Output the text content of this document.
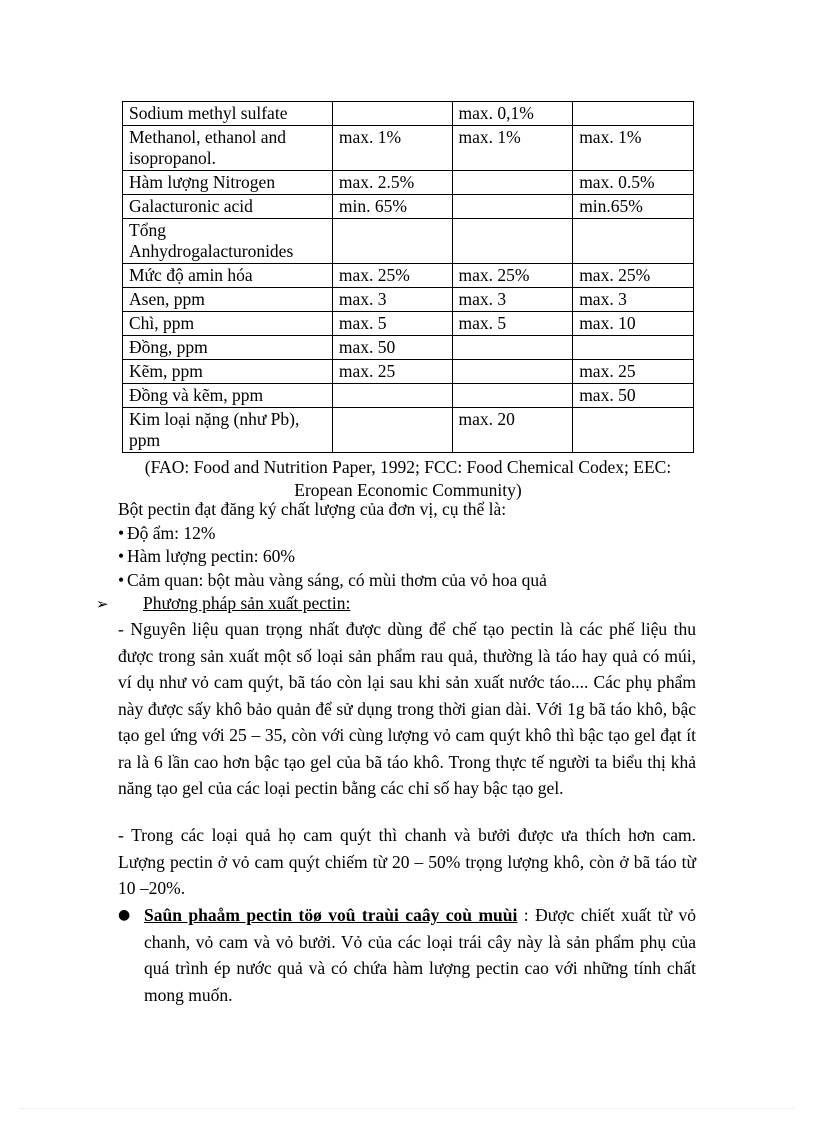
Sodium methyl sulfate		max. 0,1%	
Methanol, ethanol and isopropanol.	max. 1%	max. 1%	max. 1%
Hàm lượng Nitrogen	max. 2.5%		max. 0.5%
Galacturonic acid	min. 65%		min.65%
Tổng Anhydrogalacturonides			
Mức độ amin hóa	max. 25%	max. 25%	max. 25%
Asen, ppm	max. 3	max. 3	max. 3
Chì, ppm	max. 5	max. 5	max. 10
Đồng, ppm	max. 50		
Kẽm, ppm	max. 25		max. 25
Đồng và kẽm, ppm			max. 50
Kim loại nặng (như Pb), ppm		max. 20	
(FAO: Food and Nutrition Paper, 1992; FCC: Food Chemical Codex; EEC: Eropean Economic Community)
Bột pectin đạt đăng ký chất lượng của đơn vị, cụ thể là:
• Độ ẩm: 12%
• Hàm lượng pectin: 60%
• Cảm quan: bột màu vàng sáng, có mùi thơm của vỏ hoa quả
➢ Phương pháp sản xuất pectin:
- Nguyên liệu quan trọng nhất được dùng để chế tạo pectin là các phế liệu thu được trong sản xuất một số loại sản phẩm rau quả, thường là táo hay quả có múi, ví dụ như vỏ cam quýt, bã táo còn lại sau khi sản xuất nước táo.... Các phụ phẩm này được sấy khô bảo quản để sử dụng trong thời gian dài. Với 1g bã táo khô, bậc tạo gel ứng với 25 – 35, còn với cùng lượng vỏ cam quýt khô thì bậc tạo gel đạt ít ra là 6 lần cao hơn bậc tạo gel của bã táo khô. Trong thực tế người ta biểu thị khả năng tạo gel của các loại pectin bằng các chỉ số hay bậc tạo gel.
- Trong các loại quả họ cam quýt thì chanh và bưởi được ưa thích hơn cam. Lượng pectin ở vỏ cam quýt chiếm từ 20 – 50% trọng lượng khô, còn ở bã táo từ 10 –20%.
● Saûn phaåm pectin töø voû traùi caây coù muùi : Được chiết xuất từ vỏ chanh, vỏ cam và vỏ bưởi. Vỏ của các loại trái cây này là sản phẩm phụ của quá trình ép nước quả và có chứa hàm lượng pectin cao với những tính chất mong muốn.
